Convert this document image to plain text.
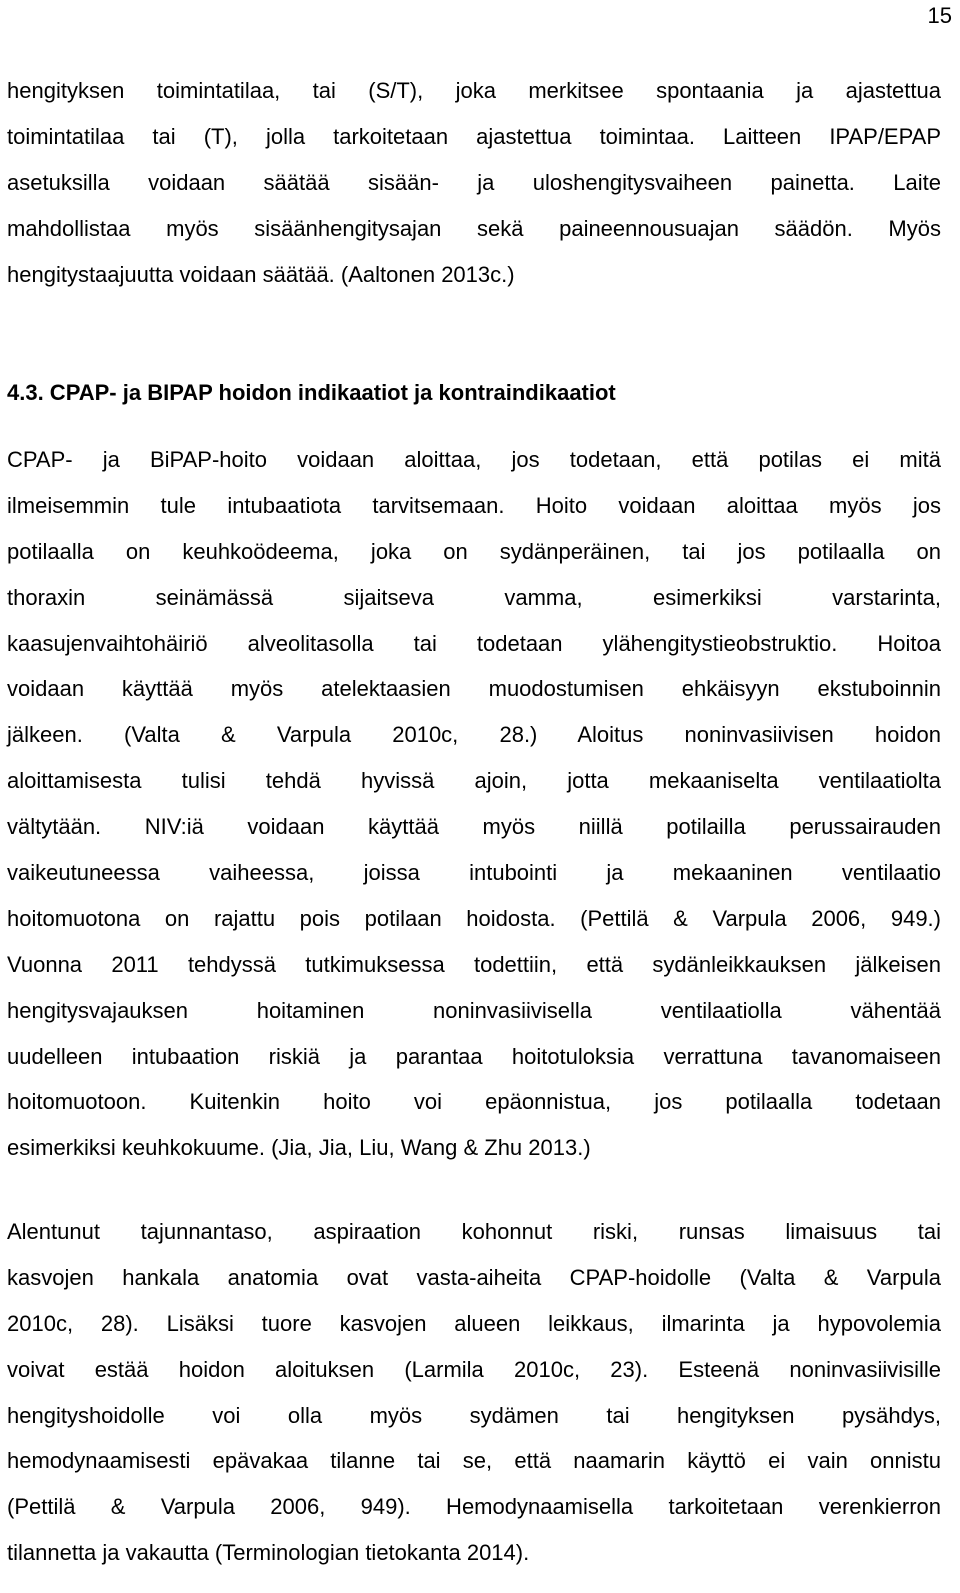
15
hengityksen toimintatilaa, tai (S/T), joka merkitsee spontaania ja ajastettua
toimintatilaa tai (T), jolla tarkoitetaan ajastettua toimintaa. Laitteen IPAP/EPAP
asetuksilla voidaan säätää sisään- ja uloshengitysvaiheen painetta. Laite
mahdollistaa myös sisäänhengitysajan sekä paineennousuajan säädön. Myös
hengitystaajuutta voidaan säätää. (Aaltonen 2013c.)
4.3. CPAP- ja BIPAP hoidon indikaatiot ja kontraindikaatiot
CPAP- ja BiPAP-hoito voidaan aloittaa, jos todetaan, että potilas ei mitä
ilmeisemmin tule intubaatiota tarvitsemaan. Hoito voidaan aloittaa myös jos
potilaalla on keuhkoödeema, joka on sydänperäinen, tai jos potilaalla on
thoraxin seinämässä sijaitseva vamma, esimerkiksi varstarinta,
kaasujenvaihtohäiriö alveolitasolla tai todetaan ylähengitystieobstruktio. Hoitoa
voidaan käyttää myös atelektaasien muodostumisen ehkäisyyn ekstuboinnin
jälkeen. (Valta & Varpula 2010c, 28.) Aloitus noninvasiivisen hoidon
aloittamisesta tulisi tehdä hyvissä ajoin, jotta mekaaniselta ventilaatiolta
vältytään. NIV:iä voidaan käyttää myös niillä potilailla perussairauden
vaikeutuneessa vaiheessa, joissa intubointi ja mekaaninen ventilaatio
hoitomuotona on rajattu pois potilaan hoidosta. (Pettilä & Varpula 2006, 949.)
Vuonna 2011 tehdyssä tutkimuksessa todettiin, että sydänleikkauksen jälkeisen
hengitysvajauksen hoitaminen noninvasiivisella ventilaatiolla vähentää
uudelleen intubaation riskiä ja parantaa hoitotuloksia verrattuna tavanomaiseen
hoitomuotoon. Kuitenkin hoito voi epäonnistua, jos potilaalla todetaan
esimerkiksi keuhkokuume. (Jia, Jia, Liu, Wang & Zhu 2013.)
Alentunut tajunnantaso, aspiraation kohonnut riski, runsas limaisuus tai
kasvojen hankala anatomia ovat vasta-aiheita CPAP-hoidolle (Valta & Varpula
2010c, 28). Lisäksi tuore kasvojen alueen leikkaus, ilmarinta ja hypovolemia
voivat estää hoidon aloituksen (Larmila 2010c, 23). Esteenä noninvasiivisille
hengityshoidolle voi olla myös sydämen tai hengityksen pysähdys,
hemodynaamisesti epävakaa tilanne tai se, että naamarin käyttö ei vain onnistu
(Pettilä & Varpula 2006, 949). Hemodynaamisella tarkoitetaan verenkierron
tilannetta ja vakautta (Terminologian tietokanta 2014).
